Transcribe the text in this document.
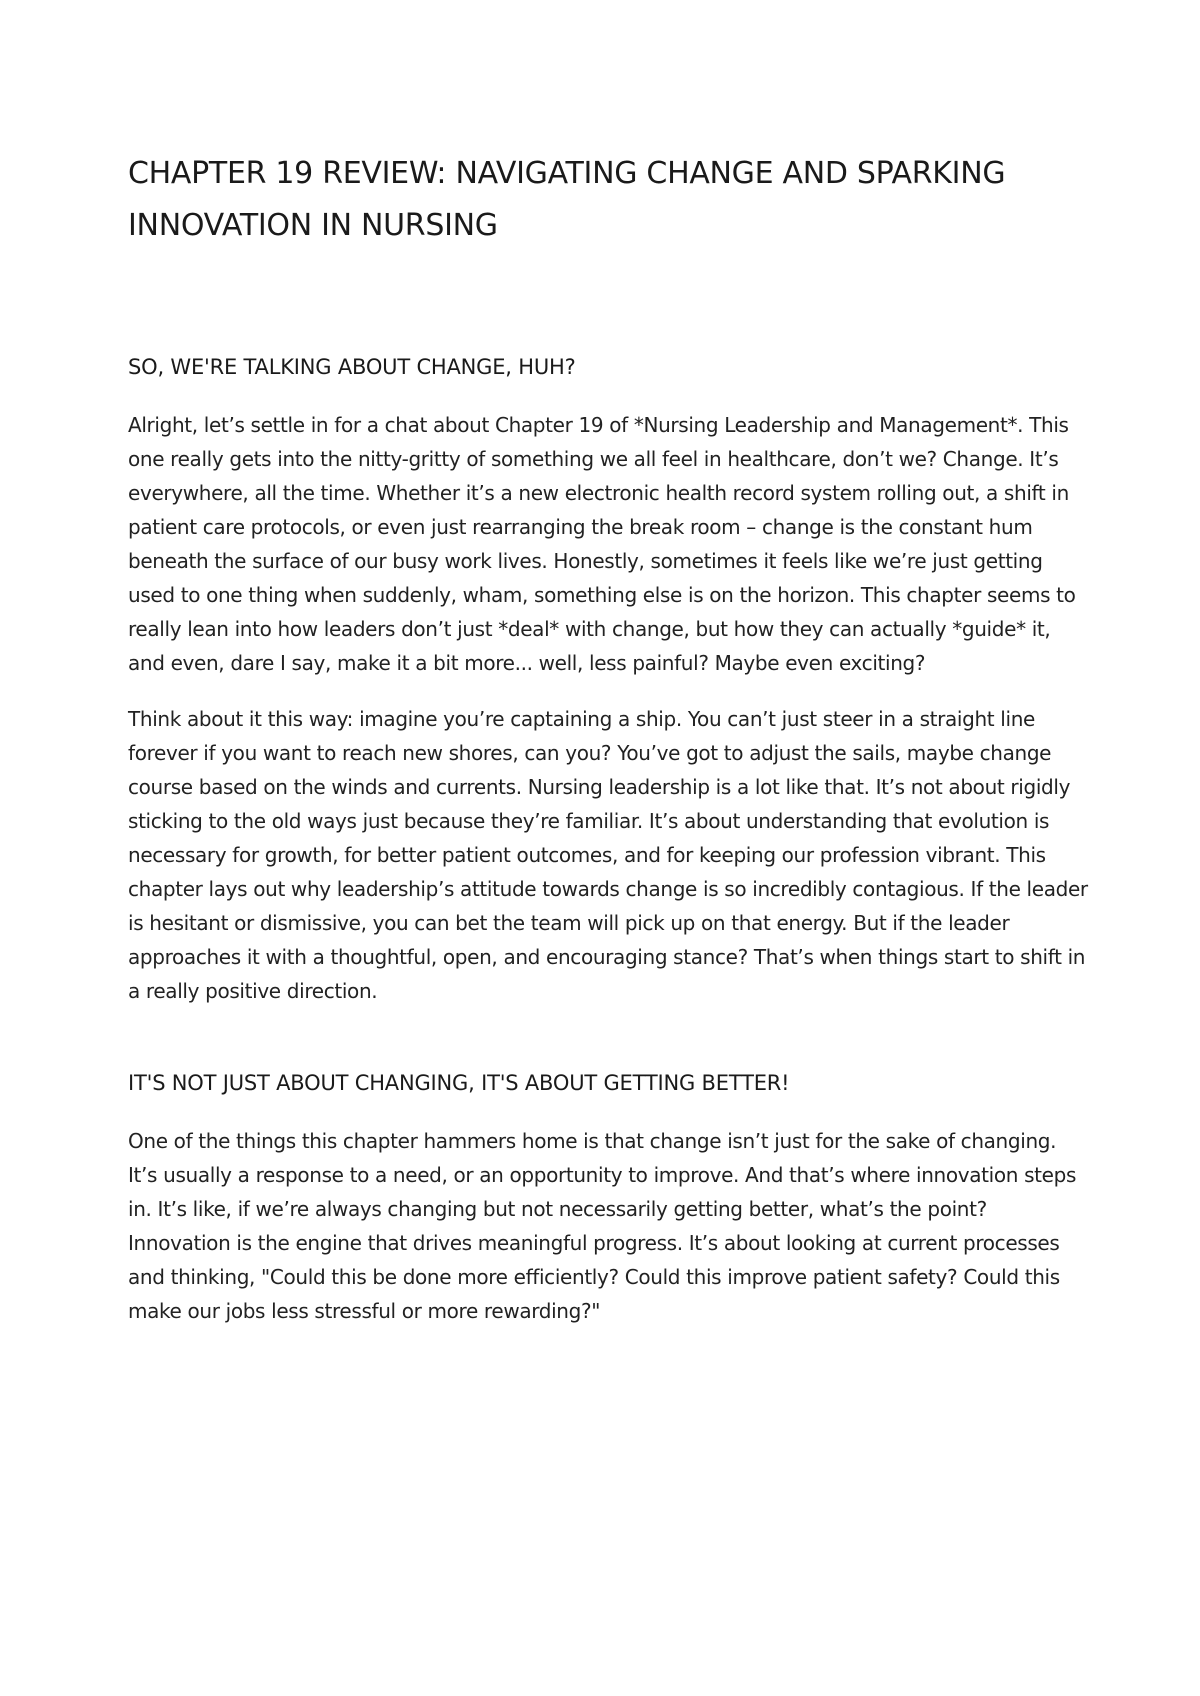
CHAPTER 19 REVIEW: NAVIGATING CHANGE AND SPARKING INNOVATION IN NURSING
SO, WE'RE TALKING ABOUT CHANGE, HUH?

Alright, let’s settle in for a chat about Chapter 19 of *Nursing Leadership and Management*. This one really gets into the nitty-gritty of something we all feel in healthcare, don’t we? Change. It’s everywhere, all the time. Whether it’s a new electronic health record system rolling out, a shift in patient care protocols, or even just rearranging the break room – change is the constant hum beneath the surface of our busy work lives. Honestly, sometimes it feels like we’re just getting used to one thing when suddenly, wham, something else is on the horizon. This chapter seems to really lean into how leaders don’t just *deal* with change, but how they can actually *guide* it, and even, dare I say, make it a bit more... well, less painful? Maybe even exciting?

Think about it this way: imagine you’re captaining a ship. You can’t just steer in a straight line forever if you want to reach new shores, can you? You’ve got to adjust the sails, maybe change course based on the winds and currents. Nursing leadership is a lot like that. It’s not about rigidly sticking to the old ways just because they’re familiar. It’s about understanding that evolution is necessary for growth, for better patient outcomes, and for keeping our profession vibrant. This chapter lays out why leadership’s attitude towards change is so incredibly contagious. If the leader is hesitant or dismissive, you can bet the team will pick up on that energy. But if the leader approaches it with a thoughtful, open, and encouraging stance? That’s when things start to shift in a really positive direction.

IT'S NOT JUST ABOUT CHANGING, IT'S ABOUT GETTING BETTER!

One of the things this chapter hammers home is that change isn’t just for the sake of changing. It’s usually a response to a need, or an opportunity to improve. And that’s where innovation steps in. It’s like, if we’re always changing but not necessarily getting better, what’s the point? Innovation is the engine that drives meaningful progress. It’s about looking at current processes and thinking, "Could this be done more efficiently? Could this improve patient safety? Could this make our jobs less stressful or more rewarding?"
